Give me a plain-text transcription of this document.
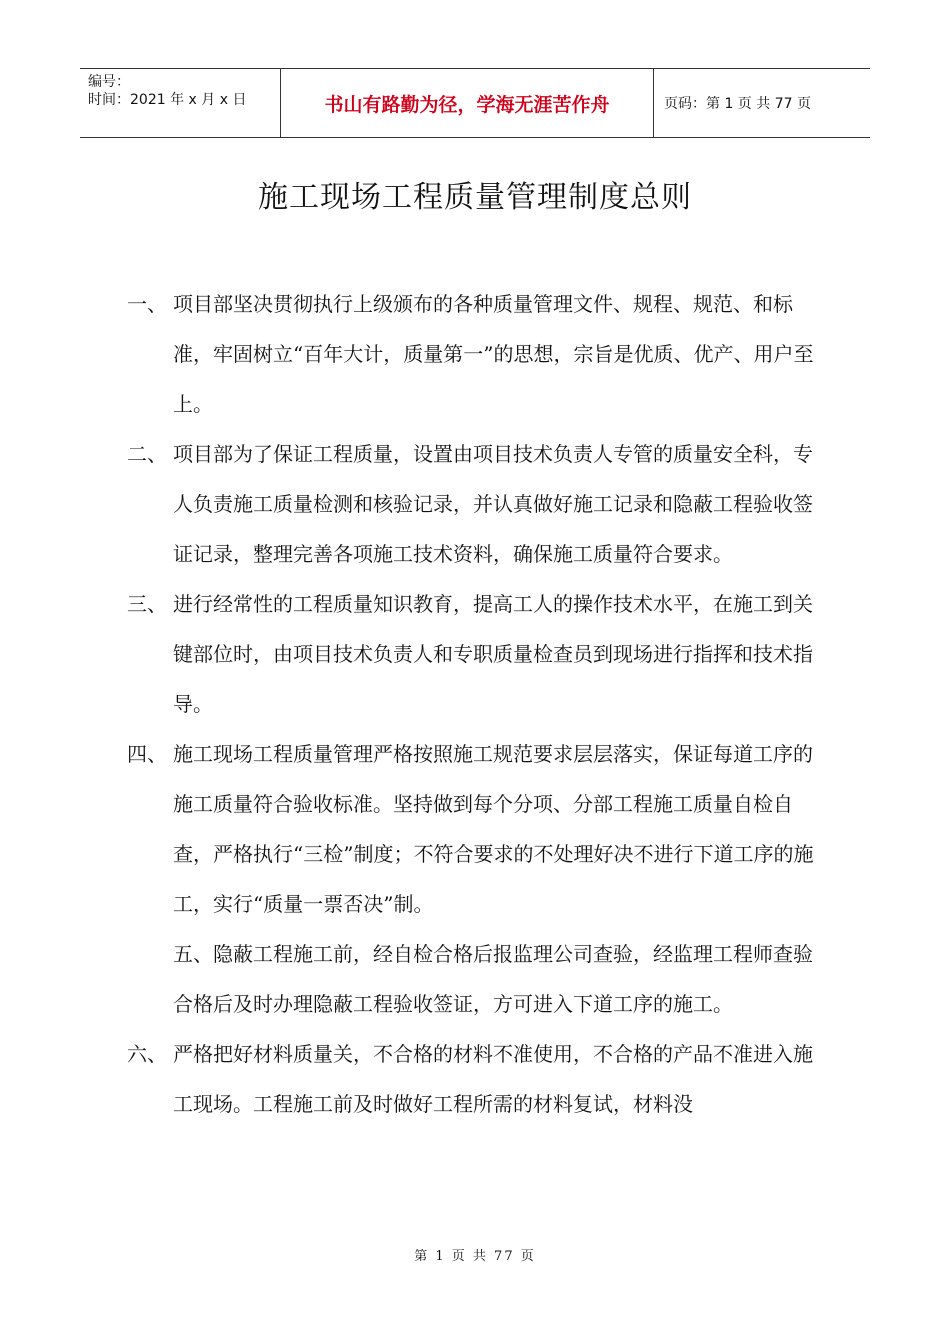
编号：
时间：2021 年 x 月 x 日	书山有路勤为径，学海无涯苦作舟	页码：第 1 页 共 77 页
施工现场工程质量管理制度总则

一、 项目部坚决贯彻执行上级颁布的各种质量管理文件、规程、规范、和标准，牢固树立“百年大计，质量第一”的思想，宗旨是优质、优产、用户至上。

二、 项目部为了保证工程质量，设置由项目技术负责人专管的质量安全科，专人负责施工质量检测和核验记录，并认真做好施工记录和隐蔽工程验收签证记录，整理完善各项施工技术资料，确保施工质量符合要求。

三、 进行经常性的工程质量知识教育，提高工人的操作技术水平，在施工到关键部位时，由项目技术负责人和专职质量检查员到现场进行指挥和技术指导。

四、 施工现场工程质量管理严格按照施工规范要求层层落实，保证每道工序的施工质量符合验收标准。坚持做到每个分项、分部工程施工质量自检自查，严格执行“三检”制度；不符合要求的不处理好决不进行下道工序的施工，实行“质量一票否决”制。

五、隐蔽工程施工前，经自检合格后报监理公司查验，经监理工程师查验合格后及时办理隐蔽工程验收签证，方可进入下道工序的施工。

六、 严格把好材料质量关，不合格的材料不准使用，不合格的产品不准进入施工现场。工程施工前及时做好工程所需的材料复试，材料没

第 1 页 共 77 页
